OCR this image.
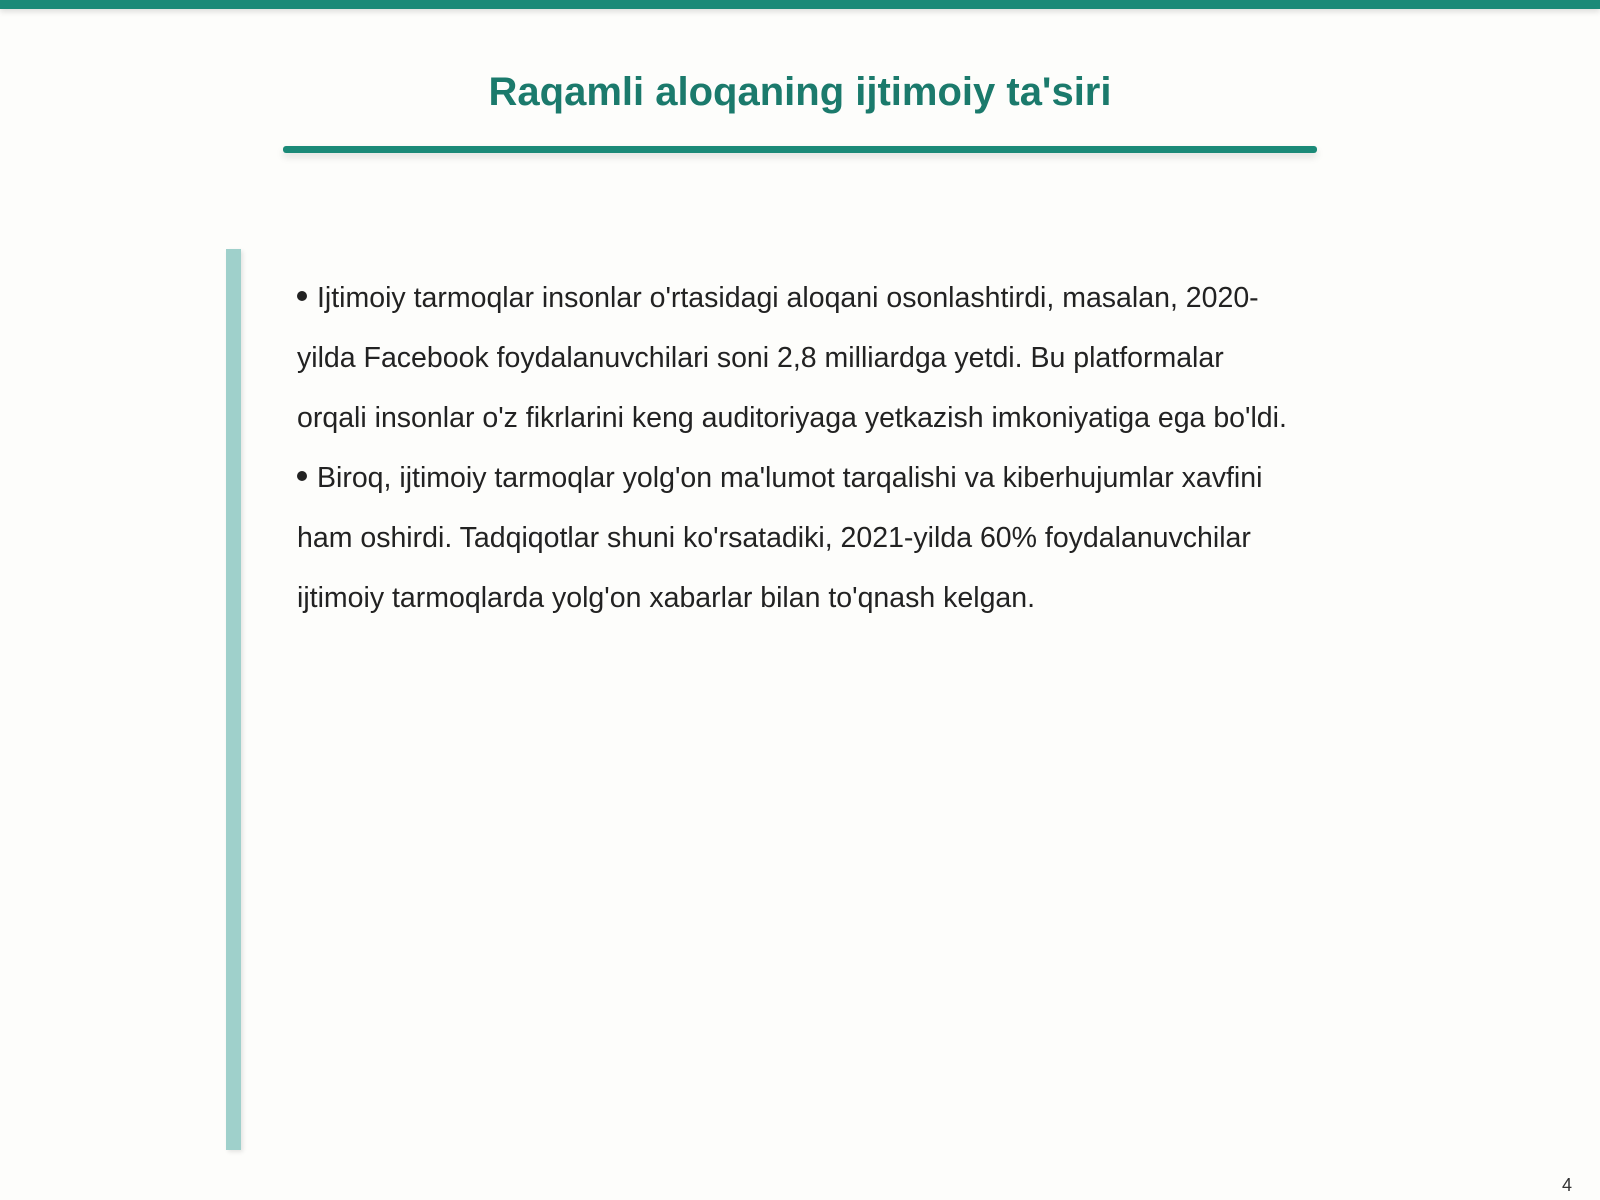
Raqamli aloqaning ijtimoiy ta'siri

Ijtimoiy tarmoqlar insonlar o'rtasidagi aloqani osonlashtirdi, masalan, 2020-yilda Facebook foydalanuvchilari soni 2,8 milliardga yetdi. Bu platformalar orqali insonlar o'z fikrlarini keng auditoriyaga yetkazish imkoniyatiga ega bo'ldi.

Biroq, ijtimoiy tarmoqlar yolg'on ma'lumot tarqalishi va kiberhujumlar xavfini ham oshirdi. Tadqiqotlar shuni ko'rsatadiki, 2021-yilda 60% foydalanuvchilar ijtimoiy tarmoqlarda yolg'on xabarlar bilan to'qnash kelgan.

4
